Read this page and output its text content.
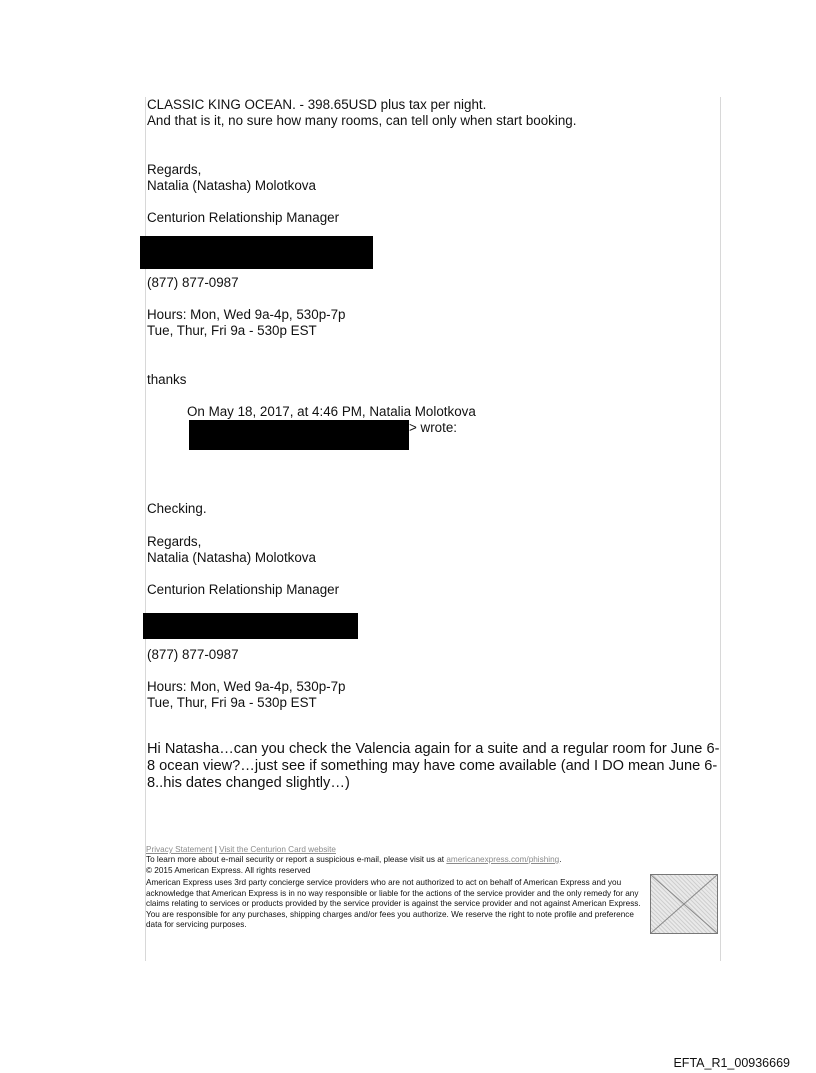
CLASSIC KING OCEAN. - 398.65USD plus tax per night.
And that is it, no sure how many rooms, can tell only when start booking.
Regards,
Natalia (Natasha) Molotkova
Centurion Relationship Manager
(877) 877-0987
Hours: Mon, Wed 9a-4p, 530p-7p
Tue, Thur, Fri 9a - 530p EST
thanks
On May 18, 2017, at 4:46 PM, Natalia Molotkova
> wrote:
Checking.
Regards,
Natalia (Natasha) Molotkova
Centurion Relationship Manager
(877) 877-0987
Hours: Mon, Wed 9a-4p, 530p-7p
Tue, Thur, Fri 9a - 530p EST
Hi Natasha…can you check the Valencia again for a suite and a regular room for June 6-8 ocean view?…just see if something may have come available (and I DO mean June 6-8..his dates changed slightly…)
Privacy Statement | Visit the Centurion Card website
To learn more about e-mail security or report a suspicious e-mail, please visit us at americanexpress.com/phishing.
© 2015 American Express. All rights reserved
American Express uses 3rd party concierge service providers who are not authorized to act on behalf of American Express and you acknowledge that American Express is in no way responsible or liable for the actions of the service provider and the only remedy for any claims relating to services or products provided by the service provider is against the service provider and not against American Express. You are responsible for any purchases, shipping charges and/or fees you authorize. We reserve the right to note profile and preference data for servicing purposes.
EFTA_R1_00936669
